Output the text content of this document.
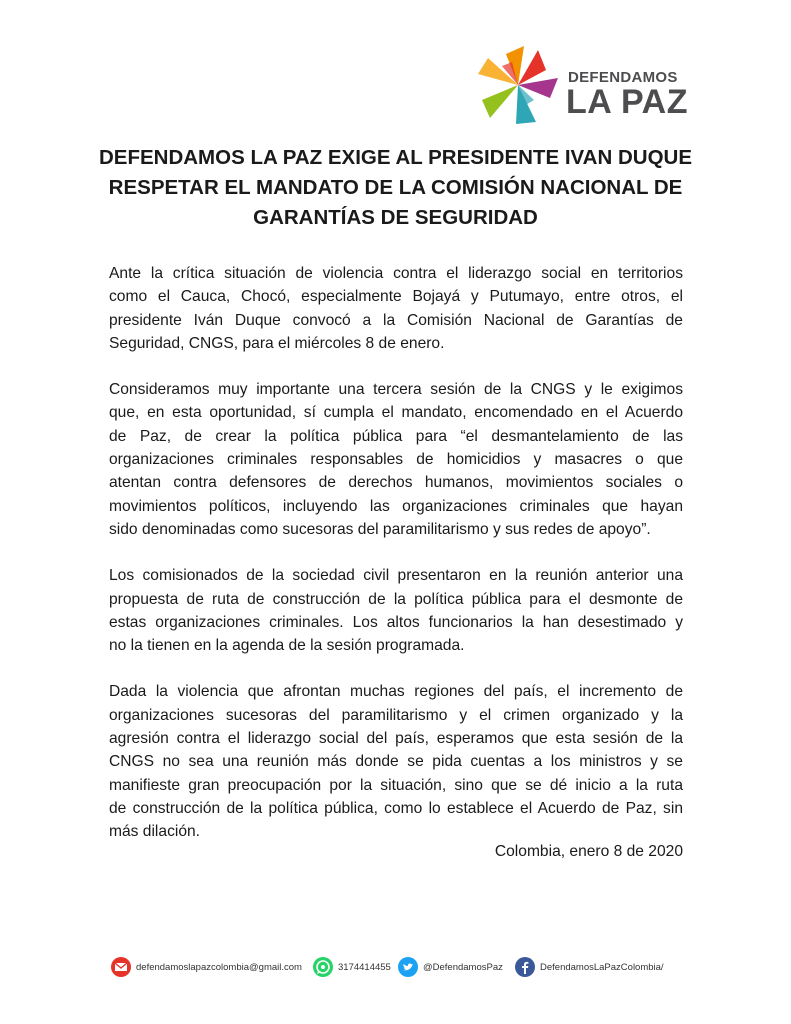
DEFENDAMOS
LA PAZ
DEFENDAMOS LA PAZ EXIGE AL PRESIDENTE IVAN DUQUE
RESPETAR EL MANDATO DE LA COMISIÓN NACIONAL DE
GARANTÍAS DE SEGURIDAD

Ante la crítica situación de violencia contra el liderazgo social en territorios
como el Cauca, Chocó, especialmente Bojayá y Putumayo, entre otros, el
presidente Iván Duque convocó a la Comisión Nacional de Garantías de
Seguridad, CNGS, para el miércoles 8 de enero.

Consideramos muy importante una tercera sesión de la CNGS y le exigimos
que, en esta oportunidad, sí cumpla el mandato, encomendado en el Acuerdo
de Paz, de crear la política pública para “el desmantelamiento de las
organizaciones criminales responsables de homicidios y masacres o que
atentan contra defensores de derechos humanos, movimientos sociales o
movimientos políticos, incluyendo las organizaciones criminales que hayan
sido denominadas como sucesoras del paramilitarismo y sus redes de apoyo”.

Los comisionados de la sociedad civil presentaron en la reunión anterior una
propuesta de ruta de construcción de la política pública para el desmonte de
estas organizaciones criminales. Los altos funcionarios la han desestimado y
no la tienen en la agenda de la sesión programada.

Dada la violencia que afrontan muchas regiones del país, el incremento de
organizaciones sucesoras del paramilitarismo y el crimen organizado y la
agresión contra el liderazgo social del país, esperamos que esta sesión de la
CNGS no sea una reunión más donde se pida cuentas a los ministros y se
manifieste gran preocupación por la situación, sino que se dé inicio a la ruta
de construcción de la política pública, como lo establece el Acuerdo de Paz, sin
más dilación.

Colombia, enero 8 de 2020
defendamoslapazcolombia@gmail.com	3174414455	@DefendamosPaz	DefendamosLaPazColombia/
